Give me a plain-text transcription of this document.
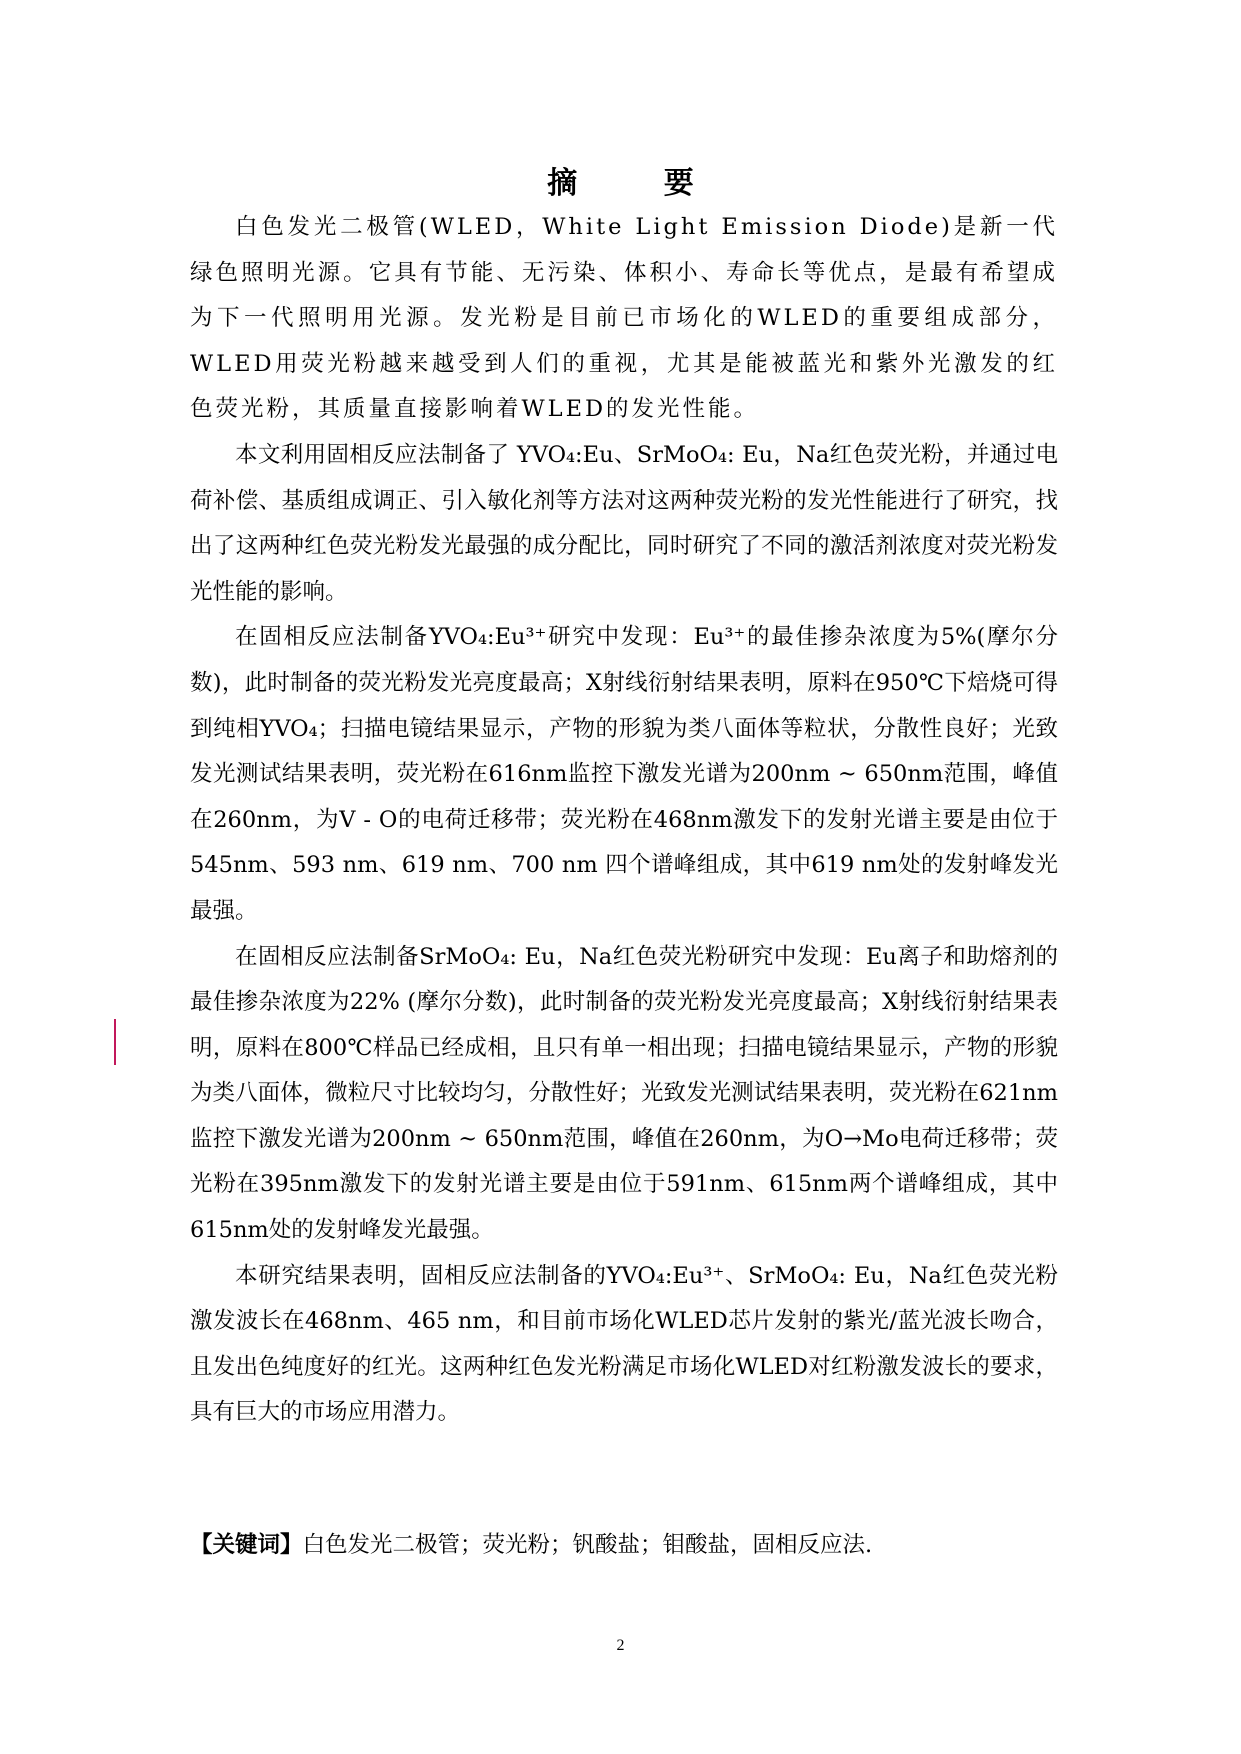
摘 要

白色发光二极管(WLED，White Light Emission Diode)是新一代绿色照明光源。它具有节能、无污染、体积小、寿命长等优点，是最有希望成为下一代照明用光源。发光粉是目前已市场化的WLED的重要组成部分，WLED用荧光粉越来越受到人们的重视，尤其是能被蓝光和紫外光激发的红色荧光粉，其质量直接影响着WLED的发光性能。

本文利用固相反应法制备了 YVO₄:Eu、SrMoO₄: Eu，Na红色荧光粉，并通过电荷补偿、基质组成调正、引入敏化剂等方法对这两种荧光粉的发光性能进行了研究，找出了这两种红色荧光粉发光最强的成分配比，同时研究了不同的激活剂浓度对荧光粉发光性能的影响。

在固相反应法制备YVO₄:Eu³⁺研究中发现：Eu³⁺的最佳掺杂浓度为5%(摩尔分数)，此时制备的荧光粉发光亮度最高；X射线衍射结果表明，原料在950℃下焙烧可得到纯相YVO₄；扫描电镜结果显示，产物的形貌为类八面体等粒状，分散性良好；光致发光测试结果表明，荧光粉在616nm监控下激发光谱为200nm ~ 650nm范围，峰值在260nm，为V - O的电荷迁移带；荧光粉在468nm激发下的发射光谱主要是由位于545nm、593 nm、619 nm、700 nm 四个谱峰组成，其中619 nm处的发射峰发光最强。

在固相反应法制备SrMoO₄: Eu，Na红色荧光粉研究中发现：Eu离子和助熔剂的最佳掺杂浓度为22% (摩尔分数)，此时制备的荧光粉发光亮度最高；X射线衍射结果表明，原料在800℃样品已经成相，且只有单一相出现；扫描电镜结果显示，产物的形貌为类八面体，微粒尺寸比较均匀，分散性好；光致发光测试结果表明，荧光粉在621nm监控下激发光谱为200nm ~ 650nm范围，峰值在260nm，为O→Mo电荷迁移带；荧光粉在395nm激发下的发射光谱主要是由位于591nm、615nm两个谱峰组成，其中615nm处的发射峰发光最强。

本研究结果表明，固相反应法制备的YVO₄:Eu³⁺、SrMoO₄: Eu，Na红色荧光粉激发波长在468nm、465 nm，和目前市场化WLED芯片发射的紫光/蓝光波长吻合，且发出色纯度好的红光。这两种红色发光粉满足市场化WLED对红粉激发波长的要求，具有巨大的市场应用潜力。

【关键词】白色发光二极管；荧光粉；钒酸盐；钼酸盐，固相反应法.
2
